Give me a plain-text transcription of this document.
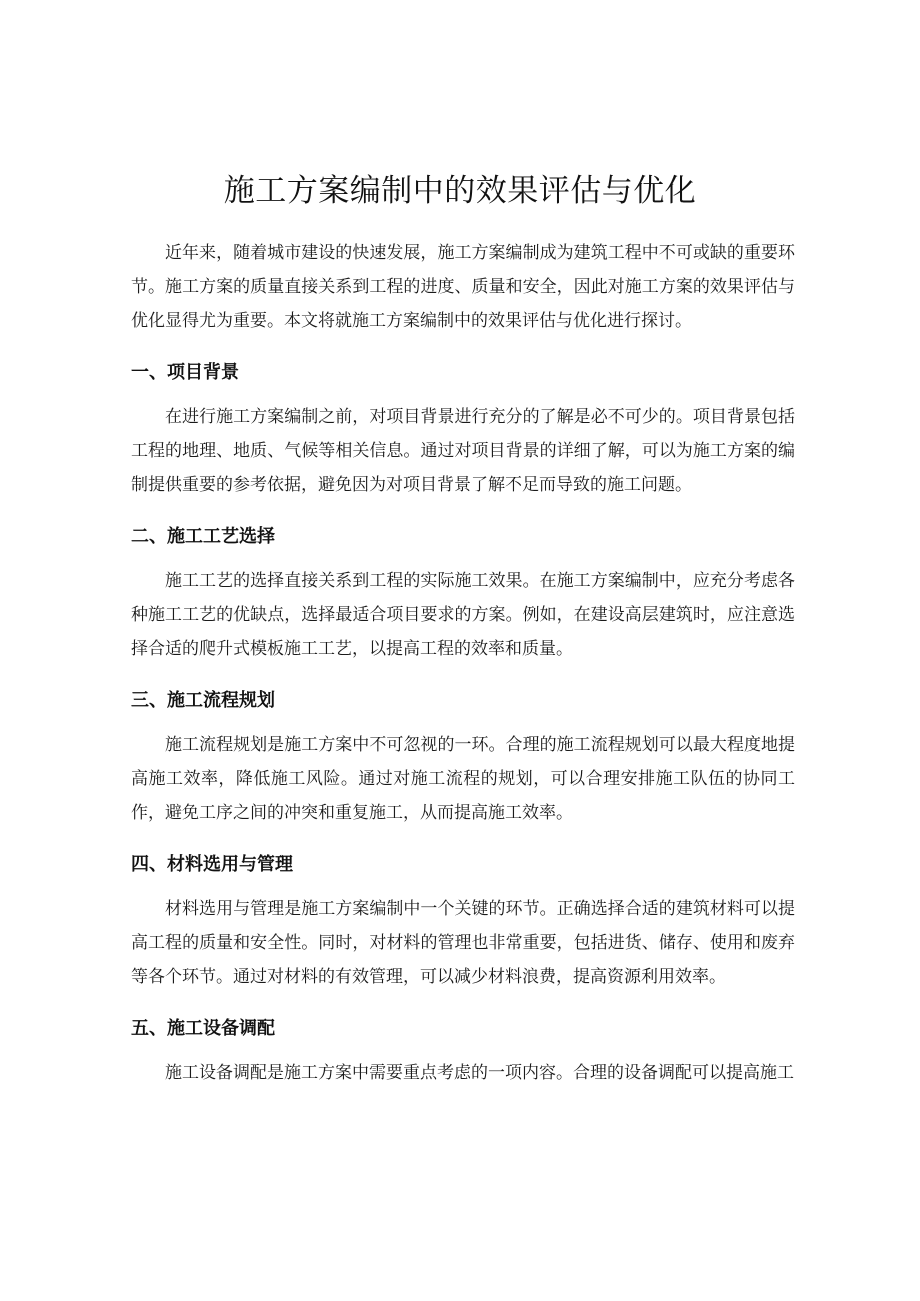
施工方案编制中的效果评估与优化

近年来，随着城市建设的快速发展，施工方案编制成为建筑工程中不可或缺的重要环节。施工方案的质量直接关系到工程的进度、质量和安全，因此对施工方案的效果评估与优化显得尤为重要。本文将就施工方案编制中的效果评估与优化进行探讨。

一、项目背景

在进行施工方案编制之前，对项目背景进行充分的了解是必不可少的。项目背景包括工程的地理、地质、气候等相关信息。通过对项目背景的详细了解，可以为施工方案的编制提供重要的参考依据，避免因为对项目背景了解不足而导致的施工问题。

二、施工工艺选择

施工工艺的选择直接关系到工程的实际施工效果。在施工方案编制中，应充分考虑各种施工工艺的优缺点，选择最适合项目要求的方案。例如，在建设高层建筑时，应注意选择合适的爬升式模板施工工艺，以提高工程的效率和质量。

三、施工流程规划

施工流程规划是施工方案中不可忽视的一环。合理的施工流程规划可以最大程度地提高施工效率，降低施工风险。通过对施工流程的规划，可以合理安排施工队伍的协同工作，避免工序之间的冲突和重复施工，从而提高施工效率。

四、材料选用与管理

材料选用与管理是施工方案编制中一个关键的环节。正确选择合适的建筑材料可以提高工程的质量和安全性。同时，对材料的管理也非常重要，包括进货、储存、使用和废弃等各个环节。通过对材料的有效管理，可以减少材料浪费，提高资源利用效率。

五、施工设备调配

施工设备调配是施工方案中需要重点考虑的一项内容。合理的设备调配可以提高施工
